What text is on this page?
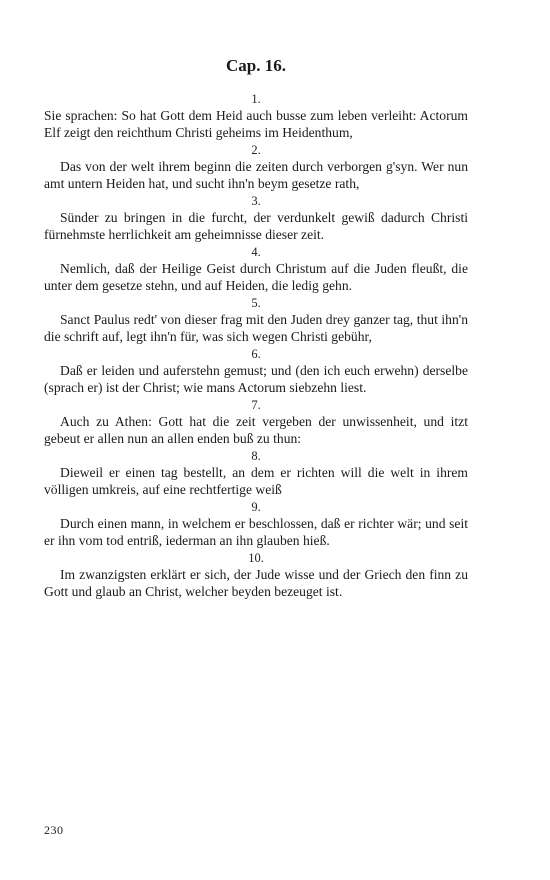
Cap. 16.
1.

Sie sprachen: So hat Gott dem Heid auch busse zum leben verleiht: Actorum Elf zeigt den reichthum Christi geheims im Heidenthum,

2.

Das von der welt ihrem beginn die zeiten durch verborgen g'syn. Wer nun amt untern Heiden hat, und sucht ihn'n beym gesetze rath,

3.

Sünder zu bringen in die furcht, der verdunkelt gewiß dadurch Christi fürnehmste herrlichkeit am geheimnisse dieser zeit.

4.

Nemlich, daß der Heilige Geist durch Christum auf die Juden fleußt, die unter dem gesetze stehn, und auf Heiden, die ledig gehn.

5.

Sanct Paulus redt' von dieser frag mit den Juden drey ganzer tag, thut ihn'n die schrift auf, legt ihn'n für, was sich wegen Christi gebühr,

6.

Daß er leiden und auferstehn gemust; und (den ich euch erwehn) derselbe (sprach er) ist der Christ; wie mans Actorum siebzehn liest.

7.

Auch zu Athen: Gott hat die zeit vergeben der unwissenheit, und itzt gebeut er allen nun an allen enden buß zu thun:

8.

Dieweil er einen tag bestellt, an dem er richten will die welt in ihrem völligen umkreis, auf eine rechtfertige weiß

9.

Durch einen mann, in welchem er beschlossen, daß er richter wär; und seit er ihn vom tod entriß, iederman an ihn glauben hieß.

10.

Im zwanzigsten erklärt er sich, der Jude wisse und der Griech den finn zu Gott und glaub an Christ, welcher beyden bezeuget ist.

230
